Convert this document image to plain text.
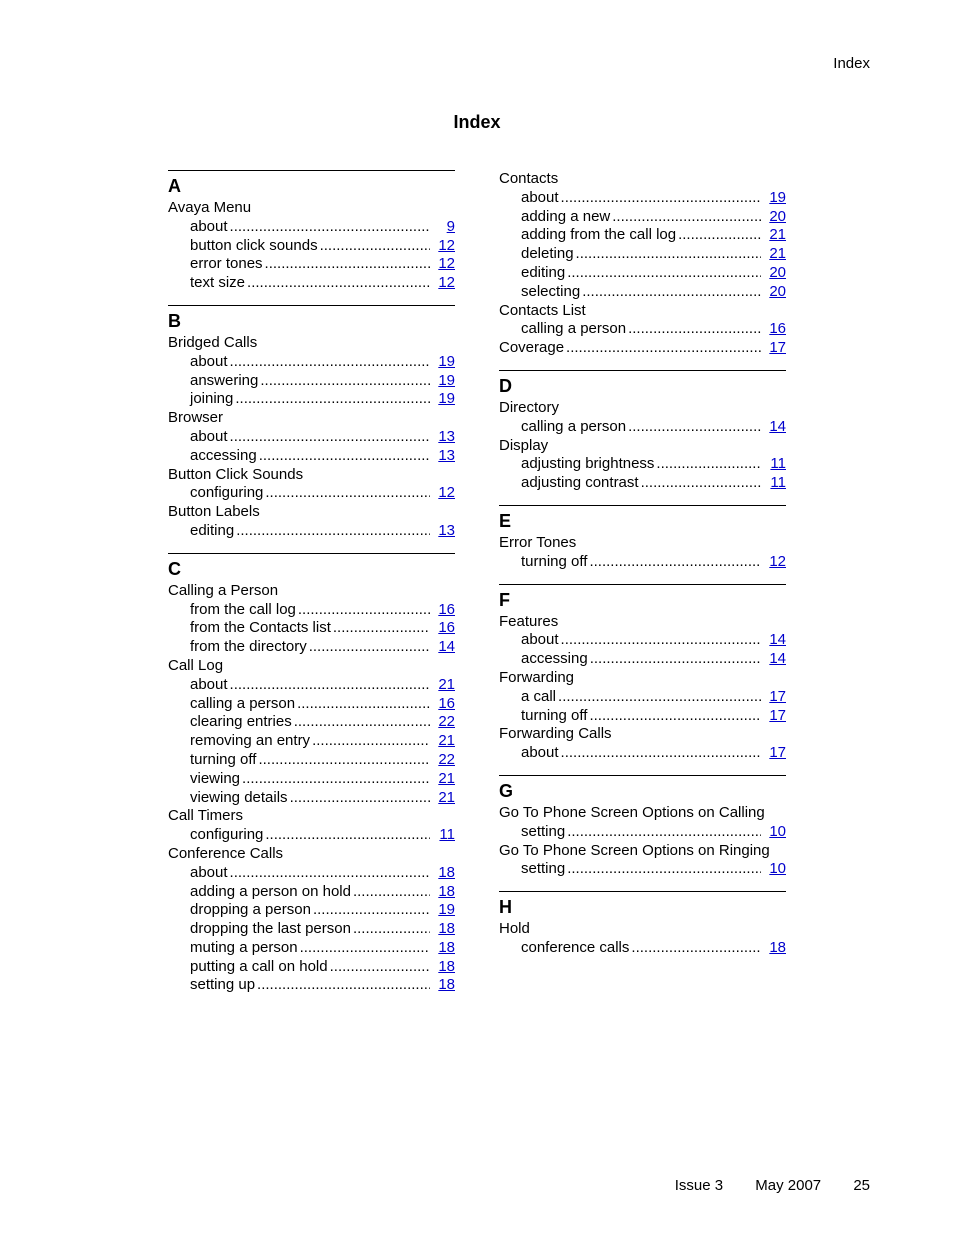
Index
Index
A
Avaya Menu
about .....	9
button click sounds .....	12
error tones .....	12
text size .....	12
B
Bridged Calls
about .....	19
answering .....	19
joining .....	19
Browser
about .....	13
accessing .....	13
Button Click Sounds
configuring .....	12
Button Labels
editing .....	13
C
Calling a Person
from the call log .....	16
from the Contacts list .....	16
from the directory .....	14
Call Log
about .....	21
calling a person .....	16
clearing entries .....	22
removing an entry .....	21
turning off .....	22
viewing .....	21
viewing details .....	21
Call Timers
configuring .....	11
Conference Calls
about .....	18
adding a person on hold .....	18
dropping a person .....	19
dropping the last person .....	18
muting a person .....	18
putting a call on hold .....	18
setting up .....	18
Contacts
about .....	19
adding a new .....	20
adding from the call log .....	21
deleting .....	21
editing .....	20
selecting .....	20
Contacts List
calling a person .....	16
Coverage .....	17
D
Directory
calling a person .....	14
Display
adjusting brightness .....	11
adjusting contrast .....	11
E
Error Tones
turning off .....	12
F
Features
about .....	14
accessing .....	14
Forwarding
a call .....	17
turning off .....	17
Forwarding Calls
about .....	17
G
Go To Phone Screen Options on Calling
setting .....	10
Go To Phone Screen Options on Ringing
setting .....	10
H
Hold
conference calls .....	18
Issue 3 May 2007 25
